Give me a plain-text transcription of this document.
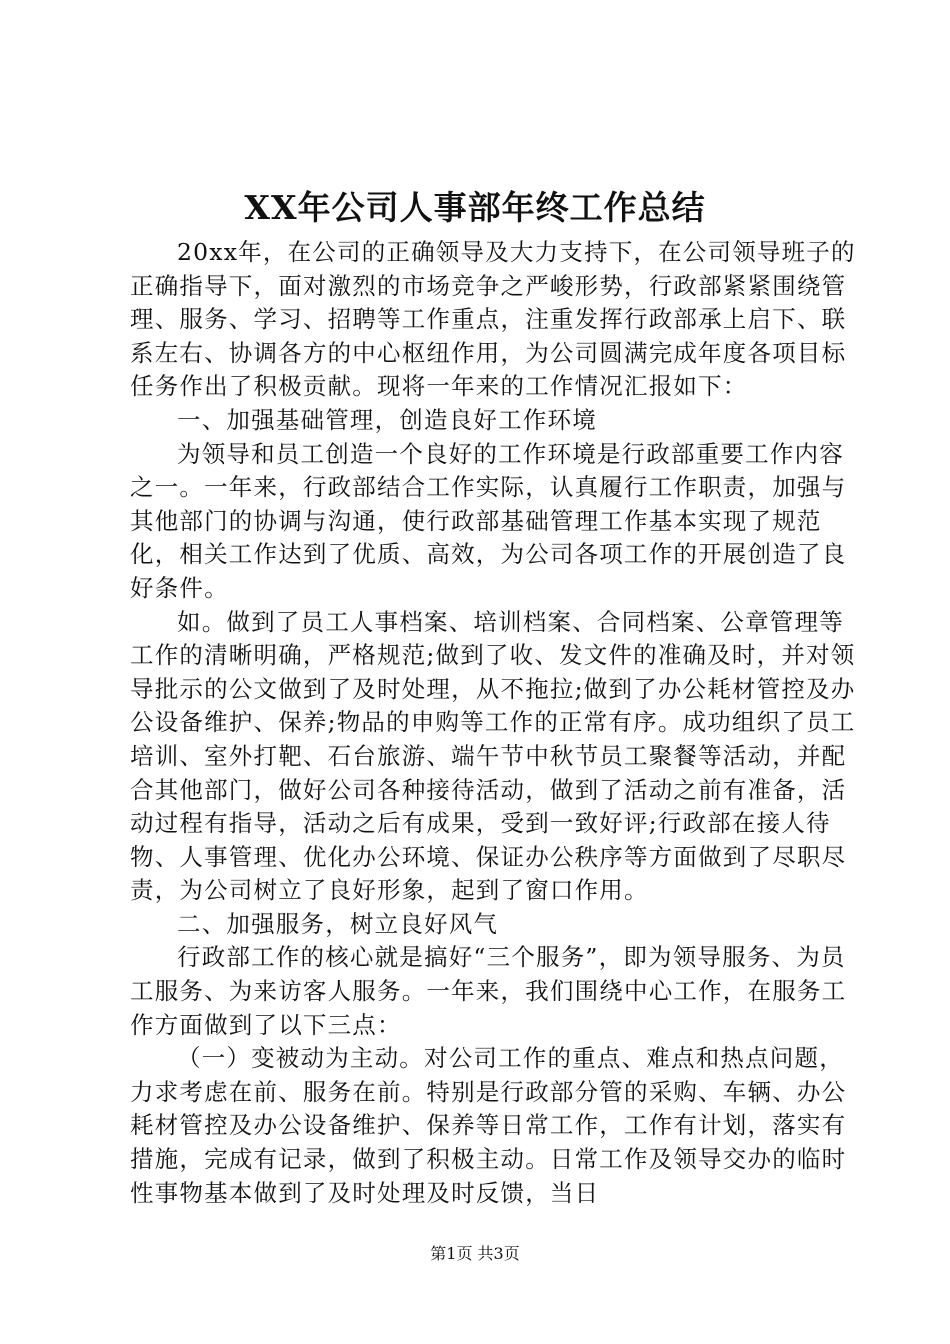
XX年公司人事部年终工作总结

20xx年，在公司的正确领导及大力支持下，在公司领导班子的正确指导下，面对激烈的市场竞争之严峻形势，行政部紧紧围绕管理、服务、学习、招聘等工作重点，注重发挥行政部承上启下、联系左右、协调各方的中心枢纽作用，为公司圆满完成年度各项目标任务作出了积极贡献。现将一年来的工作情况汇报如下：

一、加强基础管理，创造良好工作环境

为领导和员工创造一个良好的工作环境是行政部重要工作内容之一。一年来，行政部结合工作实际，认真履行工作职责，加强与其他部门的协调与沟通，使行政部基础管理工作基本实现了规范化，相关工作达到了优质、高效，为公司各项工作的开展创造了良好条件。

如。做到了员工人事档案、培训档案、合同档案、公章管理等工作的清晰明确，严格规范;做到了收、发文件的准确及时，并对领导批示的公文做到了及时处理，从不拖拉;做到了办公耗材管控及办公设备维护、保养;物品的申购等工作的正常有序。成功组织了员工培训、室外打靶、石台旅游、端午节中秋节员工聚餐等活动，并配合其他部门，做好公司各种接待活动，做到了活动之前有准备，活动过程有指导，活动之后有成果，受到一致好评;行政部在接人待物、人事管理、优化办公环境、保证办公秩序等方面做到了尽职尽责，为公司树立了良好形象，起到了窗口作用。

二、加强服务，树立良好风气

行政部工作的核心就是搞好“三个服务”，即为领导服务、为员工服务、为来访客人服务。一年来，我们围绕中心工作，在服务工作方面做到了以下三点：

（一）变被动为主动。对公司工作的重点、难点和热点问题，力求考虑在前、服务在前。特别是行政部分管的采购、车辆、办公耗材管控及办公设备维护、保养等日常工作，工作有计划，落实有措施，完成有记录，做到了积极主动。日常工作及领导交办的临时性事物基本做到了及时处理及时反馈，当日

第1页 共3页
